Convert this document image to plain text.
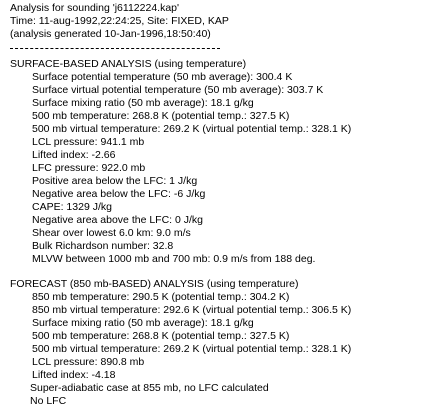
Analysis for sounding 'j6112224.kap'
Time: 11-aug-1992,22:24:25, Site: FIXED, KAP
(analysis generated 10-Jan-1996,18:50:40)
SURFACE-BASED ANALYSIS (using temperature)
Surface potential temperature (50 mb average): 300.4 K
Surface virtual potential temperature (50 mb average): 303.7 K
Surface mixing ratio (50 mb average): 18.1 g/kg
500 mb temperature: 268.8 K (potential temp.: 327.5 K)
500 mb virtual temperature: 269.2 K (virtual potential temp.: 328.1 K)
LCL pressure: 941.1 mb
Lifted index: -2.66
LFC pressure: 922.0 mb
Positive area below the LFC: 1 J/kg
Negative area below the LFC: -6 J/kg
CAPE: 1329 J/kg
Negative area above the LFC: 0 J/kg
Shear over lowest 6.0 km: 9.0 m/s
Bulk Richardson number: 32.8
MLVW between 1000 mb and 700 mb: 0.9 m/s from 188 deg.
FORECAST (850 mb-BASED) ANALYSIS (using temperature)
850 mb temperature: 290.5 K (potential temp.: 304.2 K)
850 mb virtual temperature: 292.6 K (virtual potential temp.: 306.5 K)
Surface mixing ratio (50 mb average): 18.1 g/kg
500 mb temperature: 268.8 K (potential temp.: 327.5 K)
500 mb virtual temperature: 269.2 K (virtual potential temp.: 328.1 K)
LCL pressure: 890.8 mb
Lifted index: -4.18
Super-adiabatic case at 855 mb, no LFC calculated
No LFC
